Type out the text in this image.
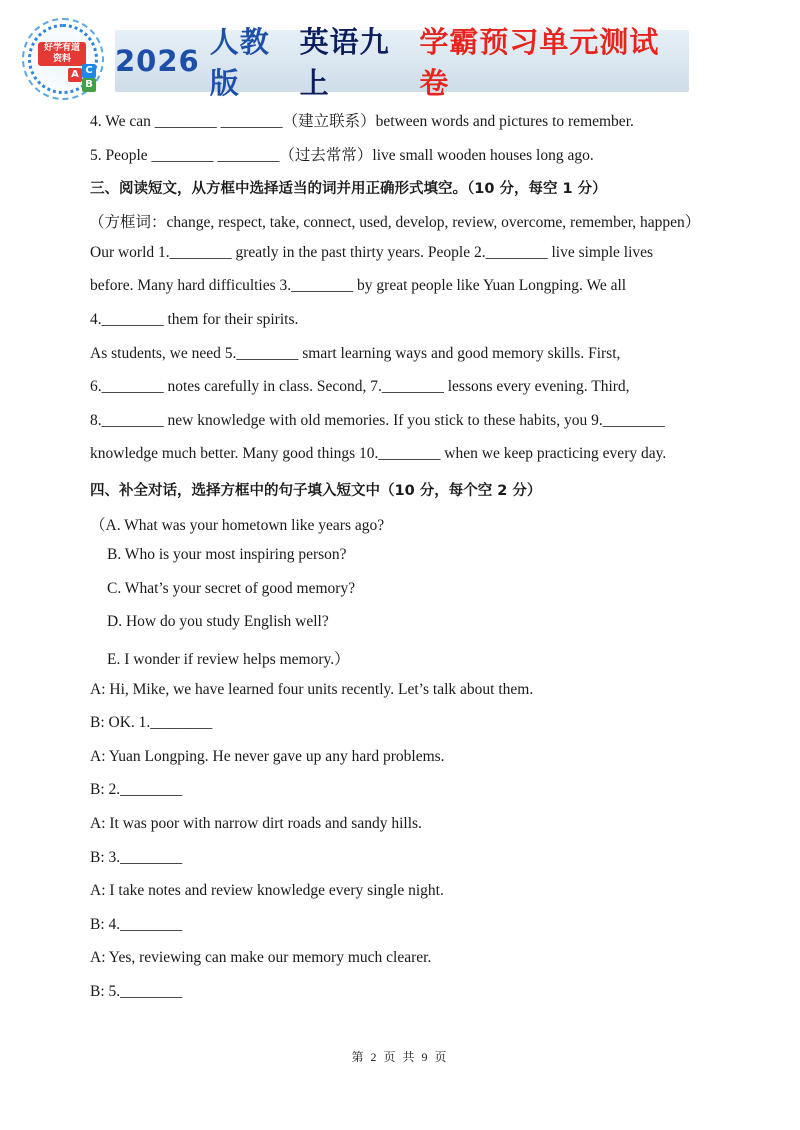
好学有道 资料
A
B
C 2026
人教版
英语九上
学霸预习单元测试卷
4. We can ________ ________（建立联系）between words and pictures to remember.
5. People ________ ________（过去常常）live small wooden houses long ago.
三、阅读短文，从方框中选择适当的词并用正确形式填空。（10 分，每空 1 分）
（方框词：change, respect, take, connect, used, develop, review, overcome, remember, happen）
Our world 1.________ greatly in the past thirty years. People 2.________ live simple lives
before. Many hard difficulties 3.________ by great people like Yuan Longping. We all
4.________ them for their spirits.
As students, we need 5.________ smart learning ways and good memory skills. First,
6.________ notes carefully in class. Second, 7.________ lessons every evening. Third,
8.________ new knowledge with old memories. If you stick to these habits, you 9.________
knowledge much better. Many good things 10.________ when we keep practicing every day.
四、补全对话，选择方框中的句子填入短文中（10 分，每个空 2 分）
（A. What was your hometown like years ago?
B. Who is your most inspiring person?
C. What’s your secret of good memory?
D. How do you study English well?
E. I wonder if review helps memory.）
A: Hi, Mike, we have learned four units recently. Let’s talk about them.
B: OK. 1.________
A: Yuan Longping. He never gave up any hard problems.
B: 2.________
A: It was poor with narrow dirt roads and sandy hills.
B: 3.________
A: I take notes and review knowledge every single night.
B: 4.________
A: Yes, reviewing can make our memory much clearer.
B: 5.________
第 2 页 共 9 页
